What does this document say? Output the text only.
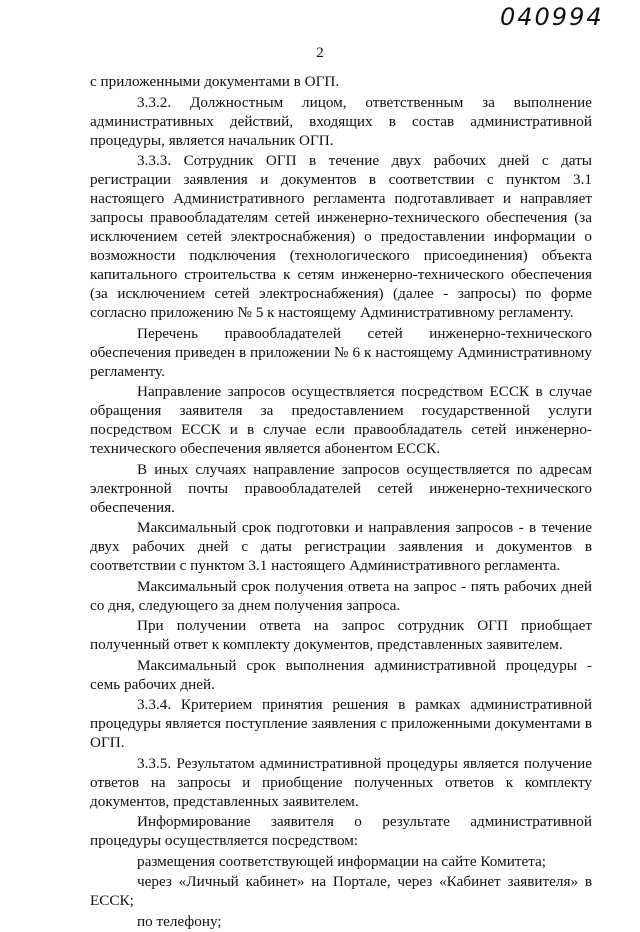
040994
2

с приложенными документами в ОГП.

3.3.2. Должностным лицом, ответственным за выполнение административных действий, входящих в состав административной процедуры, является начальник ОГП.

3.3.3. Сотрудник ОГП в течение двух рабочих дней с даты регистрации заявления и документов в соответствии с пунктом 3.1 настоящего Административного регламента подготавливает и направляет запросы правообладателям сетей инженерно-технического обеспечения (за исключением сетей электроснабжения) о предоставлении информации о возможности подключения (технологического присоединения) объекта капитального строительства к сетям инженерно-технического обеспечения (за исключением сетей электроснабжения) (далее - запросы) по форме согласно приложению № 5 к настоящему Административному регламенту.

Перечень правообладателей сетей инженерно-технического обеспечения приведен в приложении № 6 к настоящему Административному регламенту.

Направление запросов осуществляется посредством ЕССК в случае обращения заявителя за предоставлением государственной услуги посредством ЕССК и в случае если правообладатель сетей инженерно-технического обеспечения является абонентом ЕССК.

В иных случаях направление запросов осуществляется по адресам электронной почты правообладателей сетей инженерно-технического обеспечения.

Максимальный срок подготовки и направления запросов - в течение двух рабочих дней с даты регистрации заявления и документов в соответствии с пунктом 3.1 настоящего Административного регламента.

Максимальный срок получения ответа на запрос - пять рабочих дней со дня, следующего за днем получения запроса.

При получении ответа на запрос сотрудник ОГП приобщает полученный ответ к комплекту документов, представленных заявителем.

Максимальный срок выполнения административной процедуры - семь рабочих дней.

3.3.4. Критерием принятия решения в рамках административной процедуры является поступление заявления с приложенными документами в ОГП.

3.3.5. Результатом административной процедуры является получение ответов на запросы и приобщение полученных ответов к комплекту документов, представленных заявителем.

Информирование заявителя о результате административной процедуры осуществляется посредством:

размещения соответствующей информации на сайте Комитета;

через «Личный кабинет» на Портале, через «Кабинет заявителя» в ЕССК;

по телефону;
